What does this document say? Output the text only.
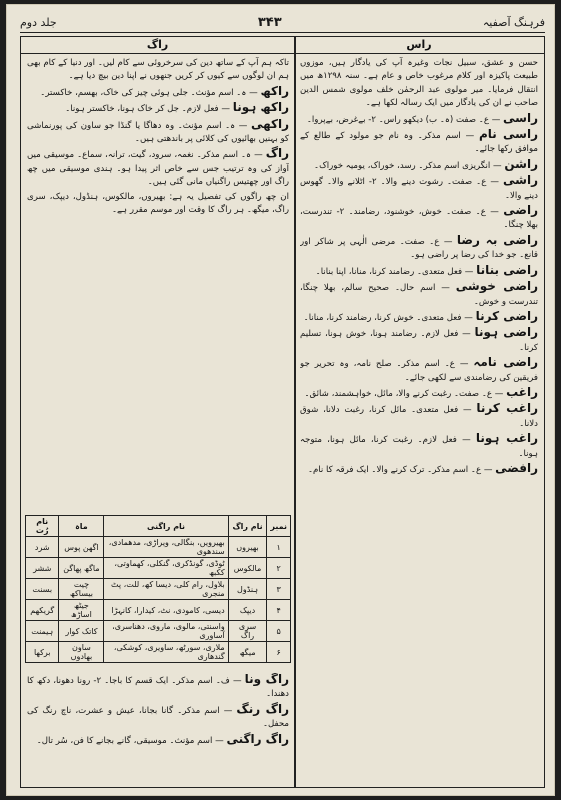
فرہنگ آصفیہ
۳۴۳
جلد دوم
راس
راگ

حسن و عشق، سبیل نجات وغیرہ آپ کی یادگار ہیں، موزوں طبیعت پاکیزہ اور کلام مرغوب خاص و عام ہے۔ سنہ ۱۲۹۸ھ میں انتقال فرمایا۔ میر مولوی عبد الرحمٰن خلف مولوی شمس الدین صاحب نے ان کی یادگار میں ایک رسالہ لکھا ہے۔

راسی — ع۔ صفت (ہ۔ ب) دیکھو راس۔ ۲- بےغرض، بےپروا۔

راسی نام — اسم مذکر۔ وہ نام جو مولود کے طالع کے موافق رکھا جائے۔

راشن — انگریزی اسم مذکر۔ رسد، خوراک، یومیہ خوراک۔

راشی — ع۔ صفت۔ رشوت دینے والا۔ ۲- اٹلانے والا۔ گھوس دینے والا۔

راضی — ع۔ صفت۔ خوش، خوشنود، رضامند۔ ۲- تندرست، بھلا چنگا۔

راضی بہ رضا — ع۔ صفت۔ مرضی الٰہی پر شاکر اور قانع۔ جو خدا کی رضا پر راضی ہو۔

راضی بنانا — فعل متعدی۔ رضامند کرنا، منانا، اپنا بنانا۔

راضی خوشی — اسم حال۔ صحیح سالم، بھلا چنگا، تندرست و خوش۔

راضی کرنا — فعل متعدی۔ خوش کرنا، رضامند کرنا، منانا۔

راضی ہونا — فعل لازم۔ رضامند ہونا، خوش ہونا، تسلیم کرنا۔

راضی نامہ — ع۔ اسم مذکر۔ صلح نامہ، وہ تحریر جو فریقین کی رضامندی سے لکھی جائے۔

راغب — ع۔ صفت۔ رغبت کرنے والا، مائل، خواہشمند، شائق۔

راغب کرنا — فعل متعدی۔ مائل کرنا، رغبت دلانا، شوق دلانا۔

راغب ہونا — فعل لازم۔ رغبت کرنا، مائل ہونا، متوجہ ہونا۔

رافضی — ع۔ اسم مذکر۔ ترک کرنے والا۔ ایک فرقہ کا نام۔

تاکہ ہم آپ کے ساتھ دین کی سرخروئی سے کام لیں۔ اور دنیا کے کام بھی ہم ان لوگوں سے کیوں کر کریں جنھوں نے اپنا دین بیچ دیا ہے۔

راکھ — ہ۔ اسم مؤنث۔ جلی ہوئی چیز کی خاک، بھسم، خاکستر۔

راکھ ہونا — فعل لازم۔ جل کر خاک ہونا، خاکستر ہونا۔

راکھی — ہ۔ اسم مؤنث۔ وہ دھاگا یا گنڈا جو ساون کی پورنماشی کو بہنیں بھائیوں کی کلائی پر باندھتی ہیں۔

راگ — ہ۔ اسم مذکر۔ نغمہ، سرود، گیت، ترانہ، سماع۔ موسیقی میں آواز کی وہ ترتیب جس سے خاص اثر پیدا ہو۔ ہندی موسیقی میں چھ راگ اور چھتیس راگنیاں مانی گئی ہیں۔

ان چھ راگوں کی تفصیل یہ ہے: بھیروں، مالکوس، ہنڈول، دیپک، سری راگ، میگھ۔ ہر راگ کا وقت اور موسم مقرر ہے۔

نمبر	نام راگ	نام راگنی	ماہ	نام رُت
۱	بھیروں	بھیرویں، بنگالی، ویراڑی، مدھمادی، سندھوی	اگھن پوس	شرد
۲	مالکوس	ٹوڈی، گونڈکری، گنکلی، کھماوتی، ککبھ	ماگھ پھاگن	ششر
۳	ہنڈول	بلاول، رام کلی، دیسا کھ، للت، پٹ منجری	چیت بیساکھ	بسنت
۴	دیپک	دیسی، کامودی، نٹ، کیدارا، کانہڑا	جیٹھ اساڑھ	گریکھم
۵	سری راگ	واسنتی، مالوی، ماروی، دھناسری، آساوری	کاتک کوار	ہیمنت
۶	میگھ	ملاری، سورٹھ، ساویری، کوشکی، گندھاری	ساون بھادوں	برکھا

راگ ونا — ف۔ اسم مذکر۔ ایک قسم کا باجا۔ ۲- رونا دھونا، دکھ کا دھندا۔

راگ رنگ — اسم مذکر۔ گانا بجانا، عیش و عشرت، ناچ رنگ کی محفل۔

راگ راگنی — اسم مؤنث۔ موسیقی، گانے بجانے کا فن، سُر تال۔
